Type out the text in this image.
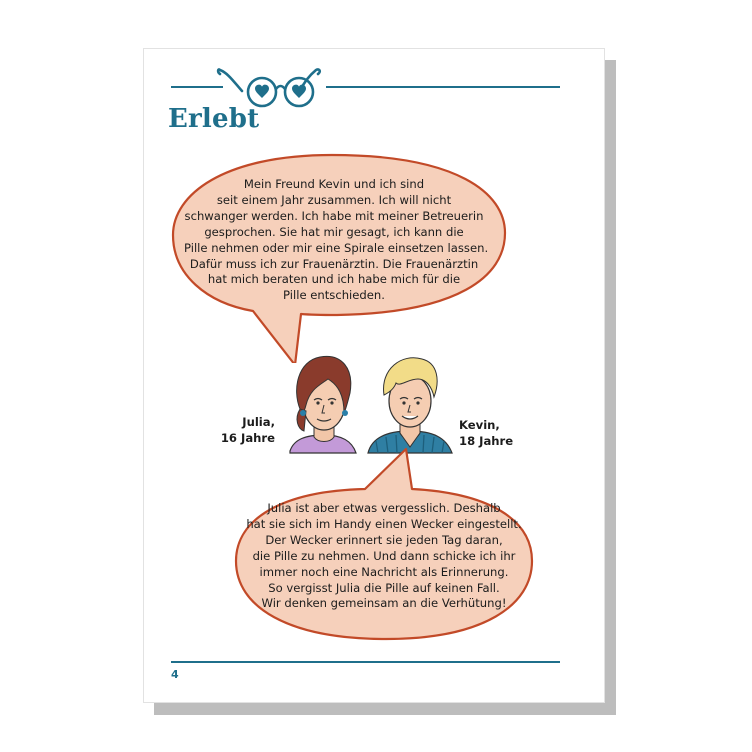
Erlebt

Mein Freund Kevin und ich sind
seit einem Jahr zusammen. Ich will nicht
schwanger werden. Ich habe mit meiner Betreuerin
gesprochen. Sie hat mir gesagt, ich kann die
Pille nehmen oder mir eine Spirale einsetzen lassen.
Dafür muss ich zur Frauenärztin. Die Frauenärztin
hat mich beraten und ich habe mich für die
Pille entschieden.

Julia,
16 Jahre
Kevin,
18 Jahre

Julia ist aber etwas vergesslich. Deshalb
hat sie sich im Handy einen Wecker eingestellt.
Der Wecker erinnert sie jeden Tag daran,
die Pille zu nehmen. Und dann schicke ich ihr
immer noch eine Nachricht als Erinnerung.
So vergisst Julia die Pille auf keinen Fall.
Wir denken gemeinsam an die Verhütung!

4
